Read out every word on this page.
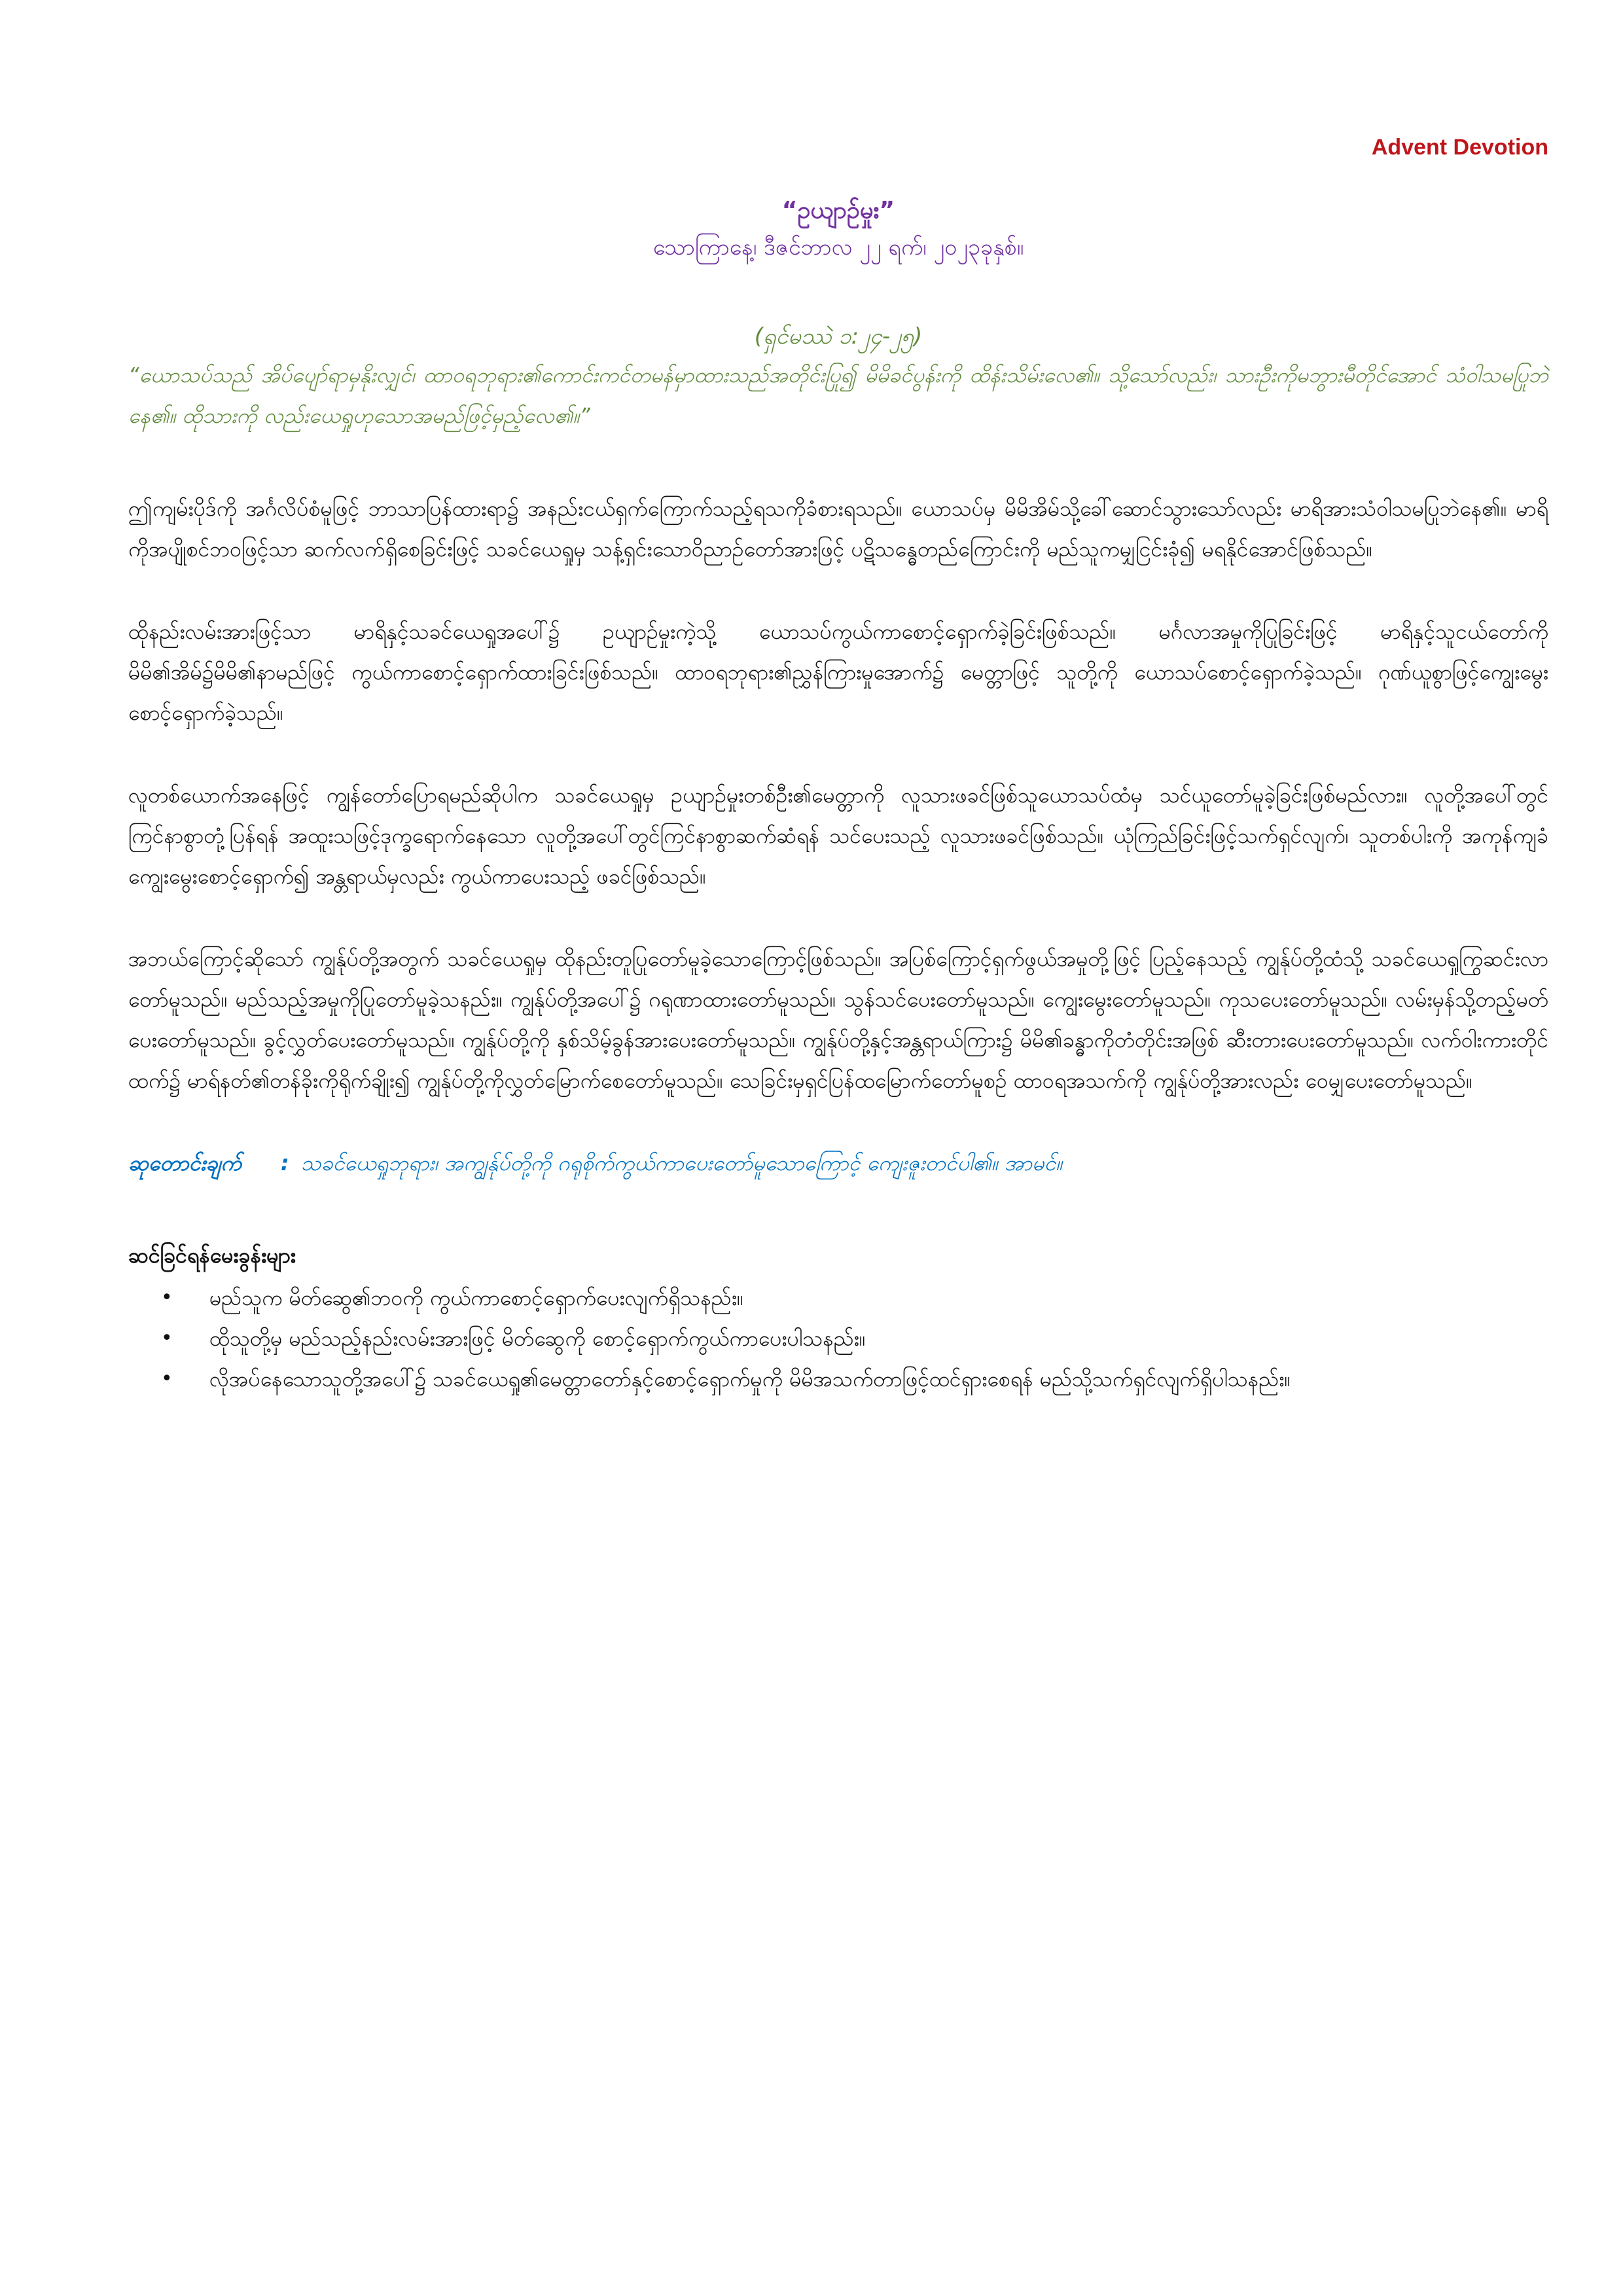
Advent Devotion
“ဥယျာဉ်မှုး”
သောကြာနေ့၊ ဒီဇင်ဘာလ ၂၂ ရက်၊ ၂၀၂၃ခုနှစ်။
(ရှင်မဿဲ ၁:၂၄-၂၅)
“ယောသပ်သည် အိပ်ပျော်ရာမှနိုးလျှင်၊ ထာဝရဘုရား၏ကောင်းကင်တမန်မှာထားသည်အတိုင်းပြု၍ မိမိခင်ပွန်းကို ထိန်းသိမ်းလေ၏။ သို့သော်လည်း၊ သားဦးကိုမဘွားမီတိုင်အောင် သံဝါသမပြုဘဲနေ၏။ ထိုသားကို လည်းယေရှုဟုသောအမည်ဖြင့်မှည့်လေ၏။”

ဤကျမ်းပိုဒ်ကို အင်္ဂလိပ်စံမူဖြင့် ဘာသာပြန်ထားရာ၌ အနည်းငယ်ရှက်ကြောက်သည့်ရသကိုခံစားရသည်။ ယောသပ်မှ မိမိအိမ်သို့ခေါ်ဆောင်သွားသော်လည်း မာရိအားသံဝါသမပြုဘဲနေ၏။ မာရိကိုအပျိုစင်ဘဝဖြင့်သာ ဆက်လက်ရှိစေခြင်းဖြင့် သခင်ယေရှုမှ သန့်ရှင်းသောဝိညာဉ်တော်အားဖြင့် ပဋိသန္ဓေတည်ကြောင်းကို မည်သူကမျှငြင်းခုံ၍ မရနိုင်အောင်ဖြစ်သည်။

ထိုနည်းလမ်းအားဖြင့်သာ မာရိနှင့်သခင်ယေရှုအပေါ်၌ ဥယျာဉ်မှုးကဲ့သို့ ယောသပ်ကွယ်ကာစောင့်ရှောက်ခဲ့ခြင်းဖြစ်သည်။ မင်္ဂလာအမှုကိုပြုခြင်းဖြင့် မာရိနှင့်သူငယ်တော်ကို မိမိ၏အိမ်၌မိမိ၏နာမည်ဖြင့် ကွယ်ကာစောင့်ရှောက်ထားခြင်းဖြစ်သည်။ ထာဝရဘုရား၏ညွှန်ကြားမှုအောက်၌ မေတ္တာဖြင့် သူတို့ကို ယောသပ်စောင့်ရှောက်ခဲ့သည်။ ဂုဏ်ယူစွာဖြင့်ကျွေးမွေးစောင့်ရှောက်ခဲ့သည်။

လူတစ်ယောက်အနေဖြင့် ကျွန်တော်ပြောရမည်ဆိုပါက သခင်ယေရှုမှ ဥယျာဉ်မှုးတစ်ဦး၏မေတ္တာကို လူသားဖခင်ဖြစ်သူယောသပ်ထံမှ သင်ယူတော်မူခဲ့ခြင်းဖြစ်မည်လား။ လူတို့အပေါ်တွင် ကြင်နာစွာတုံ့ပြန်ရန် အထူးသဖြင့်ဒုက္ခရောက်နေသော လူတို့အပေါ်တွင်ကြင်နာစွာဆက်ဆံရန် သင်ပေးသည့် လူသားဖခင်ဖြစ်သည်။ ယုံကြည်ခြင်းဖြင့်သက်ရှင်လျက်၊ သူတစ်ပါးကို အကုန်ကျခံကျွေးမွေးစောင့်ရှောက်၍ အန္တရာယ်မှလည်း ကွယ်ကာပေးသည့် ဖခင်ဖြစ်သည်။

အဘယ်ကြောင့်ဆိုသော် ကျွန်ုပ်တို့အတွက် သခင်ယေရှုမှ ထိုနည်းတူပြုတော်မူခဲ့သောကြောင့်ဖြစ်သည်။ အပြစ်ကြောင့်ရှက်ဖွယ်အမှုတို့ဖြင့် ပြည့်နေသည့် ကျွန်ုပ်တို့ထံသို့ သခင်ယေရှုကြွဆင်းလာတော်မူသည်။ မည်သည့်အမှုကိုပြုတော်မူခဲ့သနည်း။ ကျွန်ုပ်တို့အပေါ်၌ ဂရုဏာထားတော်မူသည်။ သွန်သင်ပေးတော်မူသည်။ ကျွေးမွေးတော်မူသည်။ ကုသပေးတော်မူသည်။ လမ်းမှန်သို့တည့်မတ်ပေးတော်မူသည်။ ခွင့်လွှတ်ပေးတော်မူသည်။ ကျွန်ုပ်တို့ကို နှစ်သိမ့်ခွန်အားပေးတော်မူသည်။ ကျွန်ုပ်တို့နှင့်အန္တရာယ်ကြား၌ မိမိ၏ခန္ဓာကိုတံတိုင်းအဖြစ် ဆီးတားပေးတော်မူသည်။ လက်ဝါးကားတိုင်ထက်၌ မာရ်နတ်၏တန်ခိုးကိုရိုက်ချိုး၍ ကျွန်ုပ်တို့ကိုလွှတ်မြောက်စေတော်မူသည်။ သေခြင်းမှရှင်ပြန်ထမြောက်တော်မူစဉ် ထာဝရအသက်ကို ကျွန်ုပ်တို့အားလည်း ဝေမျှပေးတော်မူသည်။

ဆုတောင်းချက် : သခင်ယေရှုဘုရား၊ အကျွန်ုပ်တို့ကို ဂရုစိုက်ကွယ်ကာပေးတော်မူသောကြောင့် ကျေးဇူးတင်ပါ၏။ အာမင်။
ဆင်ခြင်ရန်မေးခွန်းများ
• မည်သူက မိတ်ဆွေ၏ဘဝကို ကွယ်ကာစောင့်ရှောက်ပေးလျက်ရှိသနည်း။
• ထိုသူတို့မှ မည်သည့်နည်းလမ်းအားဖြင့် မိတ်ဆွေကို စောင့်ရှောက်ကွယ်ကာပေးပါသနည်း။
• လိုအပ်နေသောသူတို့အပေါ်၌ သခင်ယေရှု၏မေတ္တာတော်နှင့်စောင့်ရှောက်မှုကို မိမိအသက်တာဖြင့်ထင်ရှားစေရန် မည်သို့သက်ရှင်လျက်ရှိပါသနည်း။
